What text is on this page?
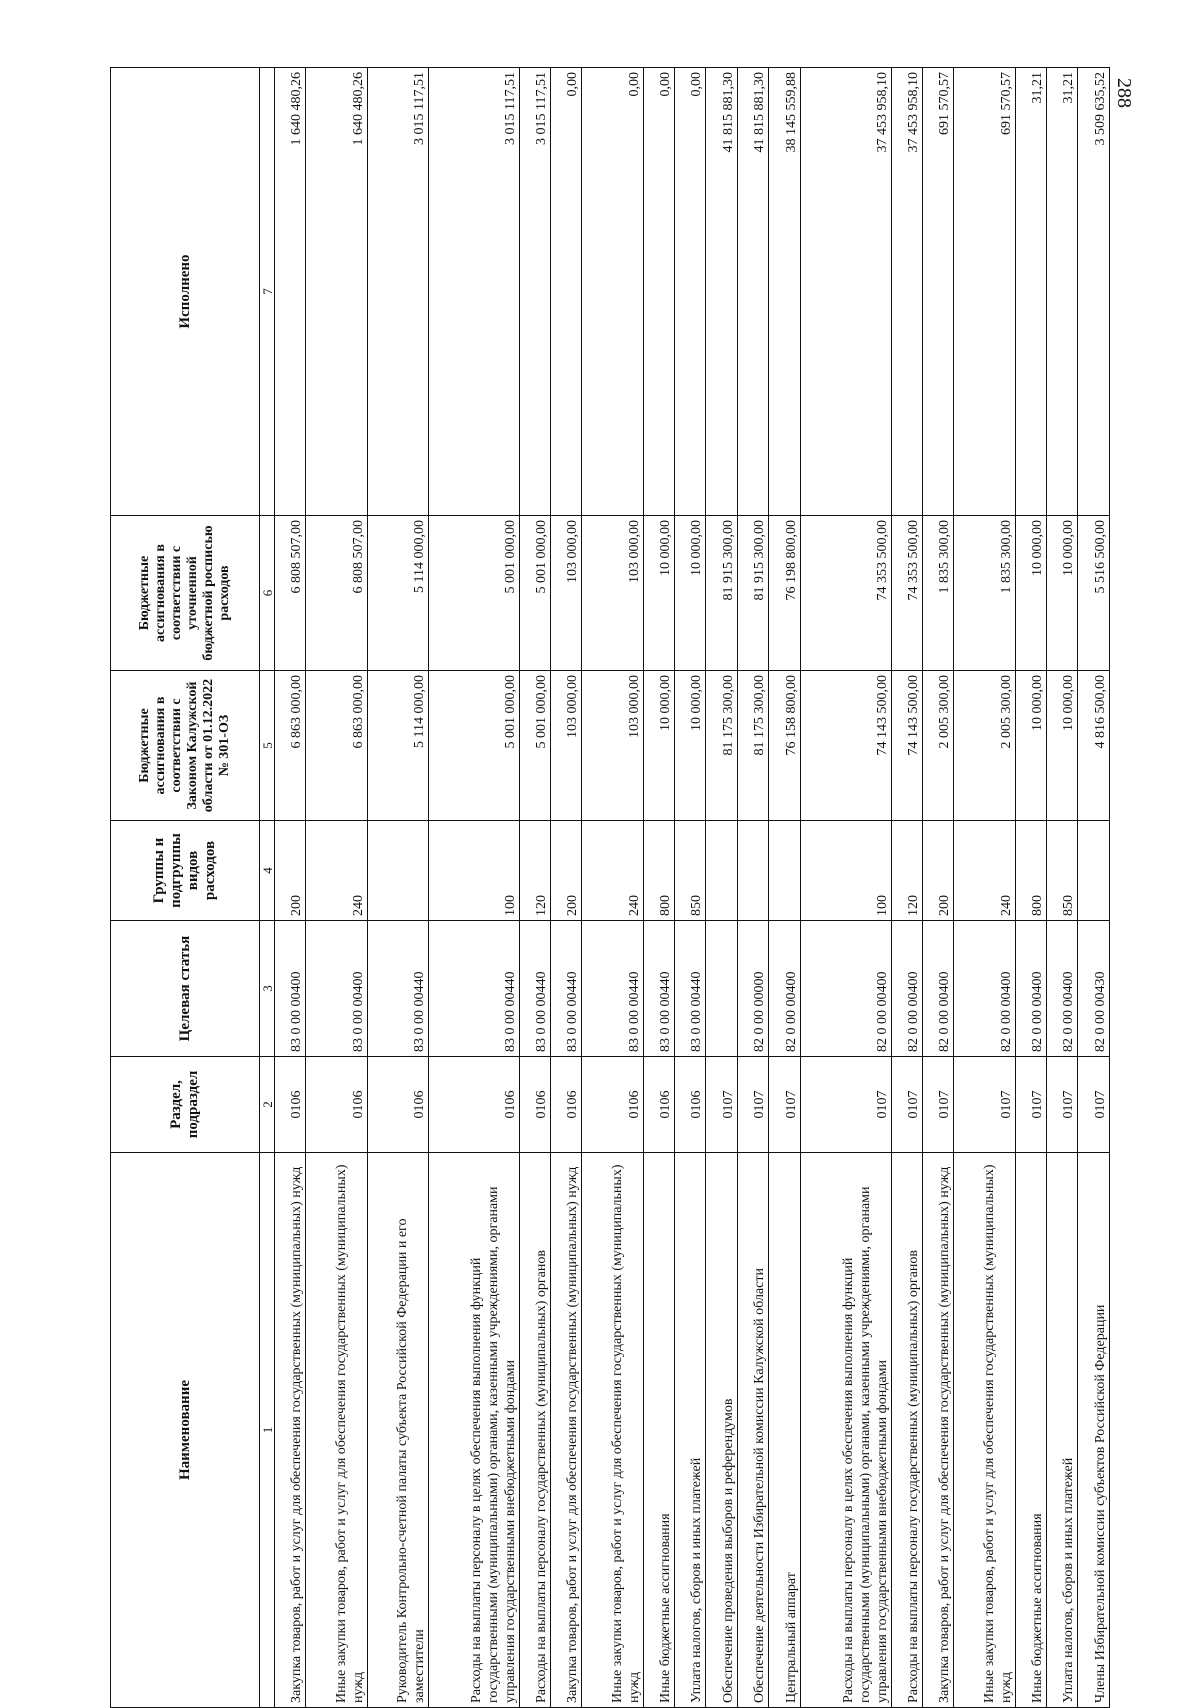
288
Наименование	Раздел, подраздел	Целевая статья	Группы и подгруппы видов расходов	Бюджетные ассигнования в соответствии с Законом Калужской области от 01.12.2022 № 301-ОЗ	Бюджетные ассигнования в соответствии с уточненной бюджетной росписью расходов	Исполнено
1	2	3	4	5	6	7
Закупка товаров, работ и услуг для обеспечения государственных (муниципальных) нужд	0106	83 0 00 00400	200	6 863 000,00	6 808 507,00	1 640 480,26
Иные закупки товаров, работ и услуг для обеспечения государственных (муниципальных) нужд	0106	83 0 00 00400	240	6 863 000,00	6 808 507,00	1 640 480,26
Руководитель Контрольно-счетной палаты субъекта Российской Федерации и его заместители	0106	83 0 00 00440		5 114 000,00	5 114 000,00	3 015 117,51
Расходы на выплаты персоналу в целях обеспечения выполнения функций государственными (муниципальными) органами, казенными учреждениями, органами управления государственными внебюджетными фондами	0106	83 0 00 00440	100	5 001 000,00	5 001 000,00	3 015 117,51
Расходы на выплаты персоналу государственных (муниципальных) органов	0106	83 0 00 00440	120	5 001 000,00	5 001 000,00	3 015 117,51
Закупка товаров, работ и услуг для обеспечения государственных (муниципальных) нужд	0106	83 0 00 00440	200	103 000,00	103 000,00	0,00
Иные закупки товаров, работ и услуг для обеспечения государственных (муниципальных) нужд	0106	83 0 00 00440	240	103 000,00	103 000,00	0,00
Иные бюджетные ассигнования	0106	83 0 00 00440	800	10 000,00	10 000,00	0,00
Уплата налогов, сборов и иных платежей	0106	83 0 00 00440	850	10 000,00	10 000,00	0,00
Обеспечение проведения выборов и референдумов	0107			81 175 300,00	81 915 300,00	41 815 881,30
Обеспечение деятельности Избирательной комиссии Калужской области	0107	82 0 00 00000		81 175 300,00	81 915 300,00	41 815 881,30
Центральный аппарат	0107	82 0 00 00400		76 158 800,00	76 198 800,00	38 145 559,88
Расходы на выплаты персоналу в целях обеспечения выполнения функций государственными (муниципальными) органами, казенными учреждениями, органами управления государственными внебюджетными фондами	0107	82 0 00 00400	100	74 143 500,00	74 353 500,00	37 453 958,10
Расходы на выплаты персоналу государственных (муниципальных) органов	0107	82 0 00 00400	120	74 143 500,00	74 353 500,00	37 453 958,10
Закупка товаров, работ и услуг для обеспечения государственных (муниципальных) нужд	0107	82 0 00 00400	200	2 005 300,00	1 835 300,00	691 570,57
Иные закупки товаров, работ и услуг для обеспечения государственных (муниципальных) нужд	0107	82 0 00 00400	240	2 005 300,00	1 835 300,00	691 570,57
Иные бюджетные ассигнования	0107	82 0 00 00400	800	10 000,00	10 000,00	31,21
Уплата налогов, сборов и иных платежей	0107	82 0 00 00400	850	10 000,00	10 000,00	31,21
Члены Избирательной комиссии субъектов Российской Федерации	0107	82 0 00 00430		4 816 500,00	5 516 500,00	3 509 635,52
